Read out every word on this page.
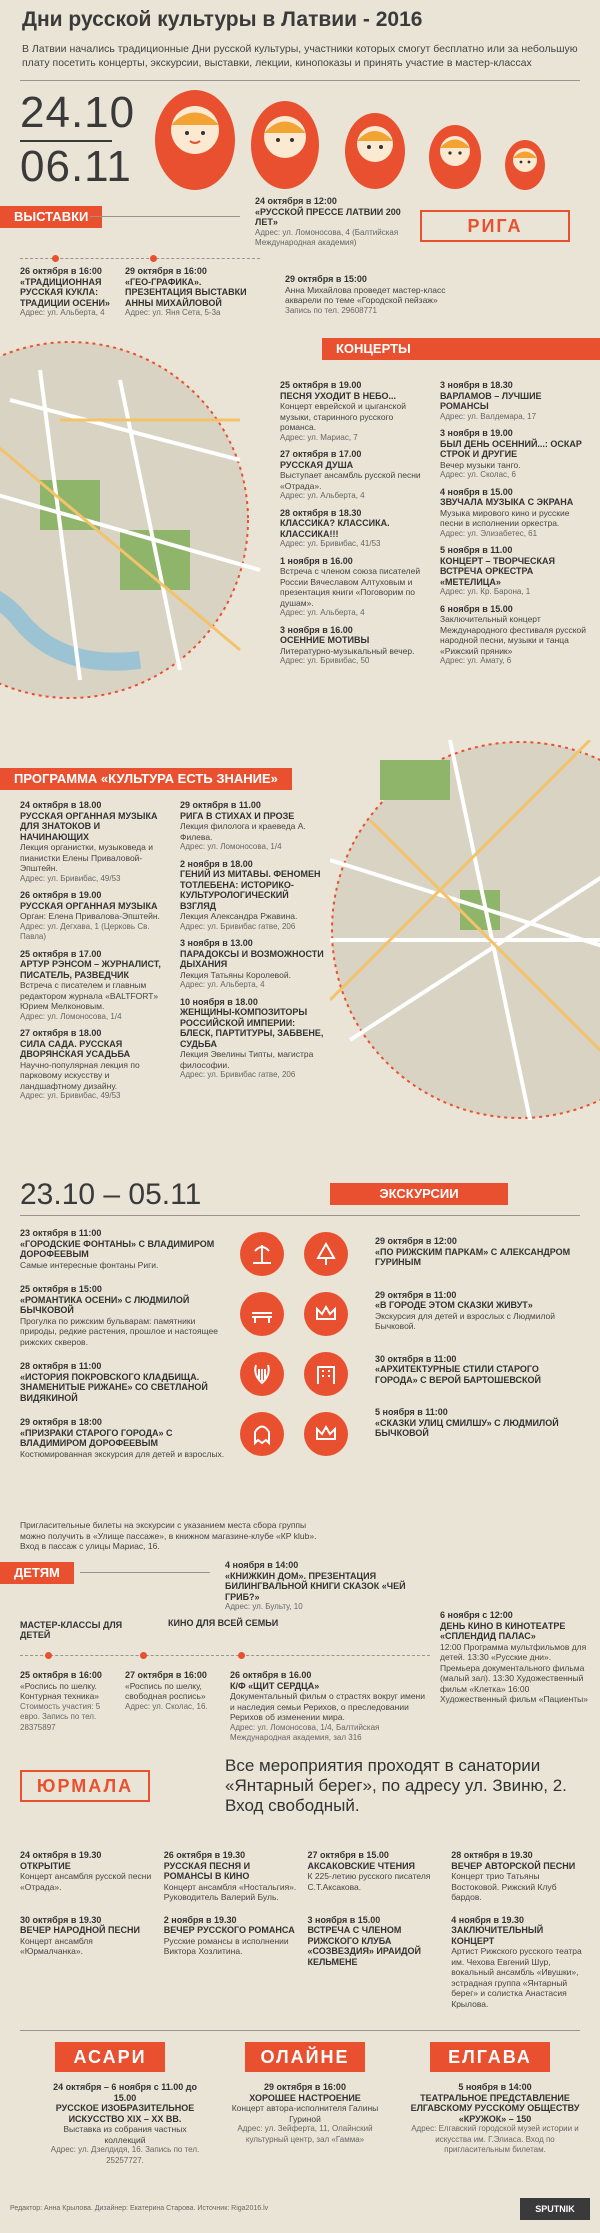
Дни русской культуры в Латвии - 2016
В Латвии начались традиционные Дни русской культуры, участники которых смогут бесплатно или за небольшую плату посетить концерты, экскурсии, выставки, лекции, кинопоказы и принять участие в мастер-классах
24.10
06.11
ВЫСТАВКИ
24 октября в 12:00
«РУССКОЙ ПРЕССЕ ЛАТВИИ 200 ЛЕТ»
Адрес: ул. Ломоносова, 4 (Балтийская Международная академия)
РИГА
26 октября в 16:00
«ТРАДИЦИОННАЯ РУССКАЯ КУКЛА: ТРАДИЦИИ ОСЕНИ»
Адрес: ул. Альберта, 4
29 октября в 16:00
«ГЕО-ГРАФИКА». ПРЕЗЕНТАЦИЯ ВЫСТАВКИ АННЫ МИХАЙЛОВОЙ
Адрес: ул. Яня Сета, 5-3a
29 октября в 15:00
Анна Михайлова проведет мастер-класс акварели по теме «Городской пейзаж»
Запись по тел. 29608771
КОНЦЕРТЫ
25 октября в 19.00
ПЕСНЯ УХОДИТ В НЕБО...
Концерт еврейской и цыганской музыки, старинного русского романса.
Адрес: ул. Мариас, 7
27 октября в 17.00
РУССКАЯ ДУША
Выступает ансамбль русской песни «Отрада».
Адрес: ул. Альберта, 4
28 октября в 18.30
КЛАССИКА? КЛАССИКА. КЛАССИКА!!!
Адрес: ул. Бривибас, 41/53
1 ноября в 16.00
Встреча с членом союза писателей России Вячеславом Алтуховым и презентация книги «Поговорим по душам».
Адрес: ул. Альберта, 4
3 ноября в 16.00
ОСЕННИЕ МОТИВЫ
Литературно-музыкальный вечер.
Адрес: ул. Бривибас, 50
3 ноября в 18.30
ВАРЛАМОВ – ЛУЧШИЕ РОМАНСЫ
Адрес: ул. Валдемара, 17
3 ноября в 19.00
БЫЛ ДЕНЬ ОСЕННИЙ...: ОСКАР СТРОК И ДРУГИЕ
Вечер музыки танго.
Адрес: ул. Сколас, 6
4 ноября в 15.00
ЗВУЧАЛА МУЗЫКА С ЭКРАНА
Музыка мирового кино и русские песни в исполнении оркестра.
Адрес: ул. Элизабетес, 61
5 ноября в 11.00
КОНЦЕРТ – ТВОРЧЕСКАЯ ВСТРЕЧА ОРКЕСТРА «МЕТЕЛИЦА»
Адрес: ул. Кр. Барона, 1
6 ноября в 15.00
Заключительный концерт Международного фестиваля русской народной песни, музыки и танца «Рижский пряник»
Адрес: ул. Амату, 6
ПРОГРАММА «КУЛЬТУРА ЕСТЬ ЗНАНИЕ»
24 октября в 18.00
РУССКАЯ ОРГАННАЯ МУЗЫКА ДЛЯ ЗНАТОКОВ И НАЧИНАЮЩИХ
Лекция органистки, музыковеда и пианистки Елены Приваловой-Эпштейн.
Адрес: ул. Бривибас, 49/53
26 октября в 19.00
РУССКАЯ ОРГАННАЯ МУЗЫКА
Орган: Елена Привалова-Эпштейн.
Адрес: ул. Дегхава, 1 (Церковь Св. Павла)
25 октября в 17.00
АРТУР РЭНСОМ – ЖУРНАЛИСТ, ПИСАТЕЛЬ, РАЗВЕДЧИК
Встреча с писателем и главным редактором журнала «BALTFORT» Юрием Мелконовым.
Адрес: ул. Ломоносова, 1/4
27 октября в 18.00
СИЛА САДА. РУССКАЯ ДВОРЯНСКАЯ УСАДЬБА
Научно-популярная лекция по парковому искусству и ландшафтному дизайну.
Адрес: ул. Бривибас, 49/53
29 октября в 11.00
РИГА В СТИХАХ И ПРОЗЕ
Лекция филолога и краеведа А. Филева.
Адрес: ул. Ломоносова, 1/4
2 ноября в 18.00
ГЕНИЙ ИЗ МИТАВЫ. ФЕНОМЕН ТОТЛЕБЕНА: ИСТОРИКО-КУЛЬТУРОЛОГИЧЕСКИЙ ВЗГЛЯД
Лекция Александра Ржавина.
Адрес: ул. Бривибас гатве, 206
3 ноября в 13.00
ПАРАДОКСЫ И ВОЗМОЖНОСТИ ДЫХАНИЯ
Лекция Татьяны Королевой.
Адрес: ул. Альберта, 4
10 ноября в 18.00
ЖЕНЩИНЫ-КОМПОЗИТОРЫ РОССИЙСКОЙ ИМПЕРИИ: БЛЕСК, ПАРТИТУРЫ, ЗАБВЕНЕ, СУДЬБА
Лекция Эвелины Типты, магистра философии.
Адрес: ул. Бривибас гатве, 206
23.10 – 05.11	ЭКСКУРСИИ
23 октября в 11:00
«ГОРОДСКИЕ ФОНТАНЫ» С ВЛАДИМИРОМ ДОРОФЕЕВЫМ
Самые интересные фонтаны Риги.
25 октября в 15:00
«РОМАНТИКА ОСЕНИ» С ЛЮДМИЛОЙ БЫЧКОВОЙ
Прогулка по рижским бульварам: памятники природы, редкие растения, прошлое и настоящее рижских скверов.
28 октября в 11:00
«ИСТОРИЯ ПОКРОВСКОГО КЛАДБИЩА. ЗНАМЕНИТЫЕ РИЖАНЕ» СО СВЕТЛАНОЙ ВИДЯКИНОЙ
29 октября в 18:00
«ПРИЗРАКИ СТАРОГО ГОРОДА» С ВЛАДИМИРОМ ДОРОФЕЕВЫМ
Костюмированная экскурсия для детей и взрослых.
29 октября в 12:00
«ПО РИЖСКИМ ПАРКАМ» С АЛЕКСАНДРОМ ГУРИНЫМ
29 октября в 11:00
«В ГОРОДЕ ЭТОМ СКАЗКИ ЖИВУТ»
Экскурсия для детей и взрослых с Людмилой Бычковой.
30 октября в 11:00
«АРХИТЕКТУРНЫЕ СТИЛИ СТАРОГО ГОРОДА» С ВЕРОЙ БАРТОШЕВСКОЙ
5 ноября в 11:00
«СКАЗКИ УЛИЦ СМИЛШУ» С ЛЮДМИЛОЙ БЫЧКОВОЙ
Пригласительные билеты на экскурсии с указанием места сбора группы можно получить в «Улище пассаже», в книжном магазине-клубе «КР klub». Вход в пассаж с улицы Мариас, 16.
ДЕТЯМ	4 ноября в 14:00
«КНИЖКИН ДОМ». ПРЕЗЕНТАЦИЯ БИЛИНГВАЛЬНОЙ КНИГИ СКАЗОК «ЧЕЙ ГРИБ?»
Адрес: ул. Бульту, 10
МАСТЕР-КЛАССЫ ДЛЯ ДЕТЕЙ
КИНО ДЛЯ ВСЕЙ СЕМЬИ
6 ноября с 12:00
ДЕНЬ КИНО В КИНОТЕАТРЕ «СПЛЕНДИД ПАЛАС»
12:00 Программа мультфильмов для детей. 13:30 «Русские дни». Премьера документального фильма (малый зал). 13:30 Художественный фильм «Клетка» 16:00 Художественный фильм «Пациенты»
25 октября в 16:00
«Роспись по шелку. Контурная техника»
Стоимость участия: 5 евро. Запись по тел. 28375897
27 октября в 16:00
«Роспись по шелку, свободная роспись»
Адрес: ул. Сколас, 16.
26 октября в 16.00
К/Ф «ЩИТ СЕРДЦА»
Документальный фильм о страстях вокруг имени и наследия семьи Рерихов, о преследовании Рерихов об изменении мира.
Адрес: ул. Ломоносова, 1/4, Балтийская Международная академия, зал 316
ЮРМАЛА
Все мероприятия проходят в санатории «Янтарный берег», по адресу ул. Звиню, 2. Вход свободный.
24 октября в 19.30
ОТКРЫТИЕ
Концерт ансамбля русской песни «Отрада».
26 октября в 19.30
РУССКАЯ ПЕСНЯ И РОМАНСЫ В КИНО
Концерт ансамбля «Ностальгия». Руководитель Валерий Буль.
27 октября в 15.00
АКСАКОВСКИЕ ЧТЕНИЯ
К 225-летию русского писателя С.Т.Аксакова.
28 октября в 19.30
ВЕЧЕР АВТОРСКОЙ ПЕСНИ
Концерт трио Татьяны Востоковой. Рижский Клуб бардов.
30 октября в 19.30
ВЕЧЕР НАРОДНОЙ ПЕСНИ
Концерт ансамбля «Юрмалчанка».
2 ноября в 19.30
ВЕЧЕР РУССКОГО РОМАНСА
Русские романсы в исполнении Виктора Хозлитина.
3 ноября в 15.00
ВСТРЕЧА С ЧЛЕНОМ РИЖСКОГО КЛУБА «СОЗВЕЗДИЯ» ИРАИДОЙ КЕЛЬМЕНЕ
4 ноября в 19.30
ЗАКЛЮЧИТЕЛЬНЫЙ КОНЦЕРТ
Артист Рижского русского театра им. Чехова Евгений Шур, вокальный ансамбль «Ивушки», эстрадная группа «Янтарный берег» и солистка Анастасия Крылова.
АСАРИ	ОЛАЙНЕ	ЕЛГАВА
24 октября – 6 ноября с 11.00 до 15.00
РУССКОЕ ИЗОБРАЗИТЕЛЬНОЕ ИСКУССТВО XIX – XX ВВ.
Выставка из собрания частных коллекций
Адрес: ул. Дзелдидя, 16. Запись по тел. 25257727.
29 октября в 16:00
ХОРОШЕЕ НАСТРОЕНИЕ
Концерт автора-исполнителя Галины Гуриной
Адрес: ул. Зейферта, 11, Олайнский культурный центр, зал «Гамма»
5 ноября в 14:00
ТЕАТРАЛЬНОЕ ПРЕДСТАВЛЕНИЕ ЕЛГАВСКОМУ РУССКОМУ ОБЩЕСТВУ «КРУЖОК» – 150
Адрес: Елгавский городской музей истории и искусства им. Г.Элиаса. Вход по пригласительным билетам.
Редактор: Анна Крылова. Дизайнер: Екатерина Старова. Источник: Riga2016.lv	SPUTNIK
